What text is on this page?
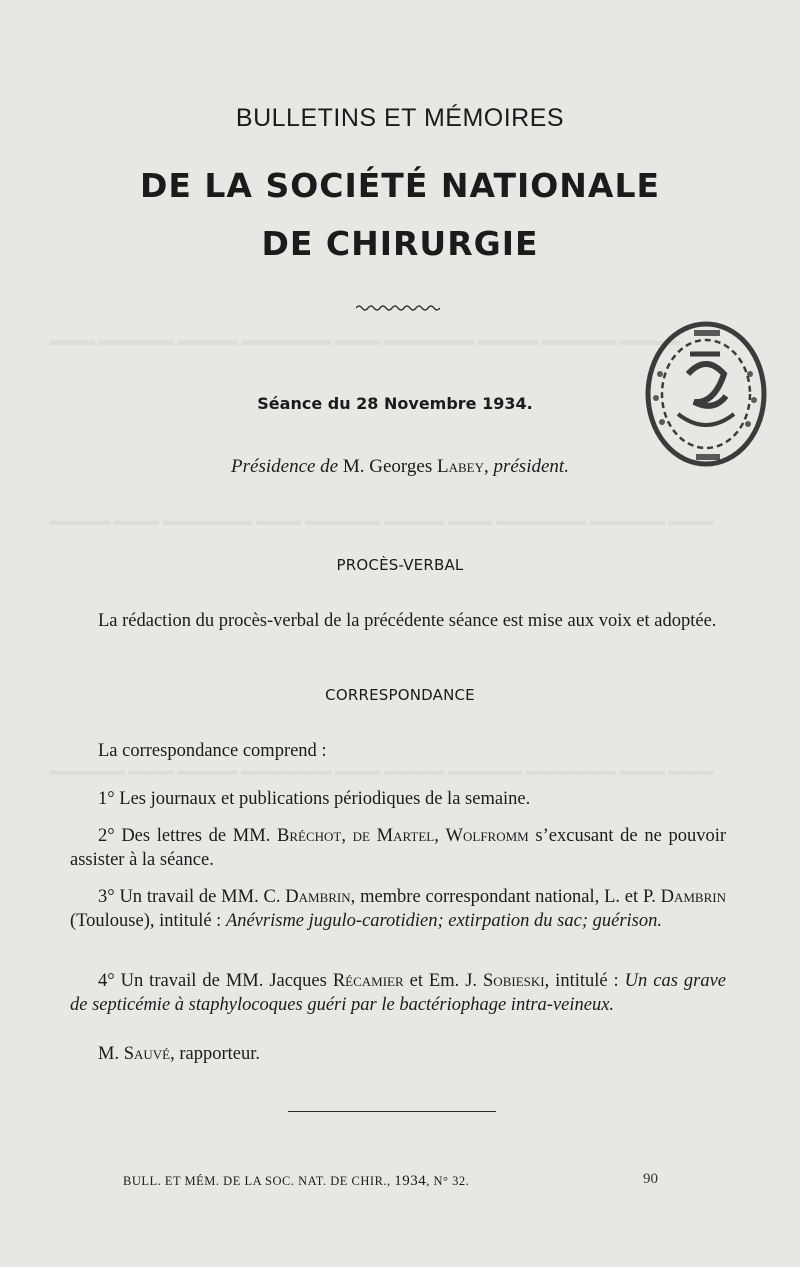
BULLETINS ET MÉMOIRES
DE LA SOCIÉTÉ NATIONALE
DE CHIRURGIE
Séance du 28 Novembre 1934.
Présidence de M. Georges Labey, président.
PROCÈS-VERBAL
La rédaction du procès-verbal de la précédente séance est mise aux voix et adoptée.
CORRESPONDANCE
La correspondance comprend :
1° Les journaux et publications périodiques de la semaine.
2° Des lettres de MM. Bréchot, de Martel, Wolfromm s’excusant de ne pouvoir assister à la séance.
3° Un travail de MM. C. Dambrin, membre correspondant national, L. et P. Dambrin (Toulouse), intitulé : Anévrisme jugulo-carotidien; extirpation du sac; guérison.
4° Un travail de MM. Jacques Récamier et Em. J. Sobieski, intitulé : Un cas grave de septicémie à staphylocoques guéri par le bactériophage intra-veineux.
M. Sauvé, rapporteur.
BULL. ET MÉM. DE LA SOC. NAT. DE CHIR., 1934, N° 32.	90
